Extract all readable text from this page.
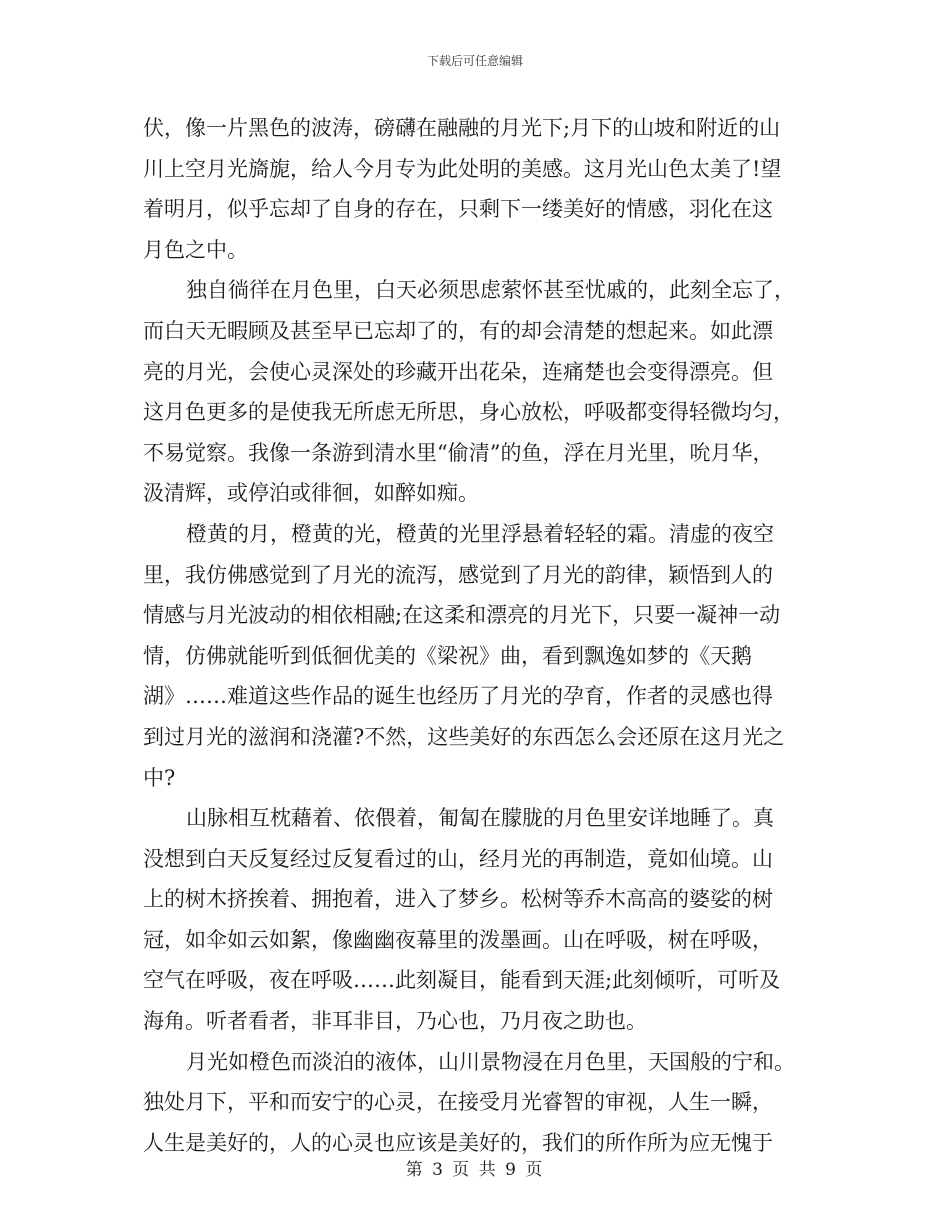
下载后可任意编辑
伏，像一片黑色的波涛，磅礴在融融的月光下;月下的山坡和附近的山
川上空月光旖旎，给人今月专为此处明的美感。这月光山色太美了!望
着明月，似乎忘却了自身的存在，只剩下一缕美好的情感，羽化在这
月色之中。
独自徜徉在月色里，白天必须思虑萦怀甚至忧戚的，此刻全忘了，
而白天无暇顾及甚至早已忘却了的，有的却会清楚的想起来。如此漂
亮的月光，会使心灵深处的珍藏开出花朵，连痛楚也会变得漂亮。但
这月色更多的是使我无所虑无所思，身心放松，呼吸都变得轻微均匀，
不易觉察。我像一条游到清水里“偷清”的鱼，浮在月光里，吮月华，
汲清辉，或停泊或徘徊，如醉如痴。
橙黄的月，橙黄的光，橙黄的光里浮悬着轻轻的霜。清虚的夜空
里，我仿佛感觉到了月光的流泻，感觉到了月光的韵律，颖悟到人的
情感与月光波动的相依相融;在这柔和漂亮的月光下，只要一凝神一动
情，仿佛就能听到低徊优美的《梁祝》曲，看到飘逸如梦的《天鹅
湖》……难道这些作品的诞生也经历了月光的孕育，作者的灵感也得
到过月光的滋润和浇灌?不然，这些美好的东西怎么会还原在这月光之
中?
山脉相互枕藉着、依偎着，匍匐在朦胧的月色里安详地睡了。真
没想到白天反复经过反复看过的山，经月光的再制造，竟如仙境。山
上的树木挤挨着、拥抱着，进入了梦乡。松树等乔木高高的婆娑的树
冠，如伞如云如絮，像幽幽夜幕里的泼墨画。山在呼吸，树在呼吸，
空气在呼吸，夜在呼吸……此刻凝目，能看到天涯;此刻倾听，可听及
海角。听者看者，非耳非目，乃心也，乃月夜之助也。
月光如橙色而淡泊的液体，山川景物浸在月色里，天国般的宁和。
独处月下，平和而安宁的心灵，在接受月光睿智的审视，人生一瞬，
人生是美好的，人的心灵也应该是美好的，我们的所作所为应无愧于
第 3 页 共 9 页
